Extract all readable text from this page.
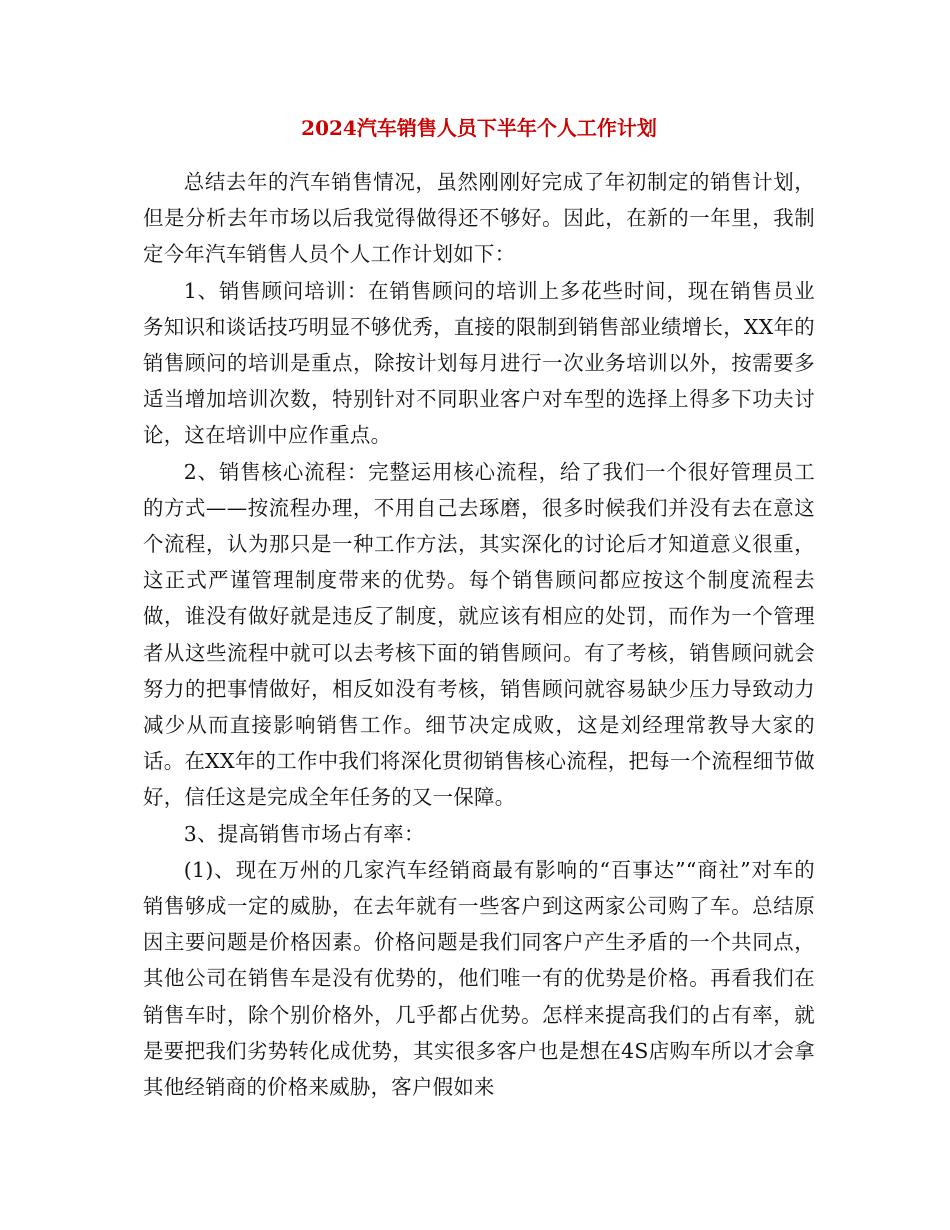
2024汽车销售人员下半年个人工作计划

总结去年的汽车销售情况，虽然刚刚好完成了年初制定的销售计划，但是分析去年市场以后我觉得做得还不够好。因此，在新的一年里，我制定今年汽车销售人员个人工作计划如下：

1、销售顾问培训：在销售顾问的培训上多花些时间，现在销售员业务知识和谈话技巧明显不够优秀，直接的限制到销售部业绩增长，XX年的销售顾问的培训是重点，除按计划每月进行一次业务培训以外，按需要多适当增加培训次数，特别针对不同职业客户对车型的选择上得多下功夫讨论，这在培训中应作重点。

2、销售核心流程：完整运用核心流程，给了我们一个很好管理员工的方式——按流程办理，不用自己去琢磨，很多时候我们并没有去在意这个流程，认为那只是一种工作方法，其实深化的讨论后才知道意义很重，这正式严谨管理制度带来的优势。每个销售顾问都应按这个制度流程去做，谁没有做好就是违反了制度，就应该有相应的处罚，而作为一个管理者从这些流程中就可以去考核下面的销售顾问。有了考核，销售顾问就会努力的把事情做好，相反如没有考核，销售顾问就容易缺少压力导致动力减少从而直接影响销售工作。细节决定成败，这是刘经理常教导大家的话。在XX年的工作中我们将深化贯彻销售核心流程，把每一个流程细节做好，信任这是完成全年任务的又一保障。

3、提高销售市场占有率：

(1)、现在万州的几家汽车经销商最有影响的“百事达”“商社”对车的销售够成一定的威胁，在去年就有一些客户到这两家公司购了车。总结原因主要问题是价格因素。价格问题是我们同客户产生矛盾的一个共同点，其他公司在销售车是没有优势的，他们唯一有的优势是价格。再看我们在销售车时，除个别价格外，几乎都占优势。怎样来提高我们的占有率，就是要把我们劣势转化成优势，其实很多客户也是想在4S店购车所以才会拿其他经销商的价格来威胁，客户假如来
